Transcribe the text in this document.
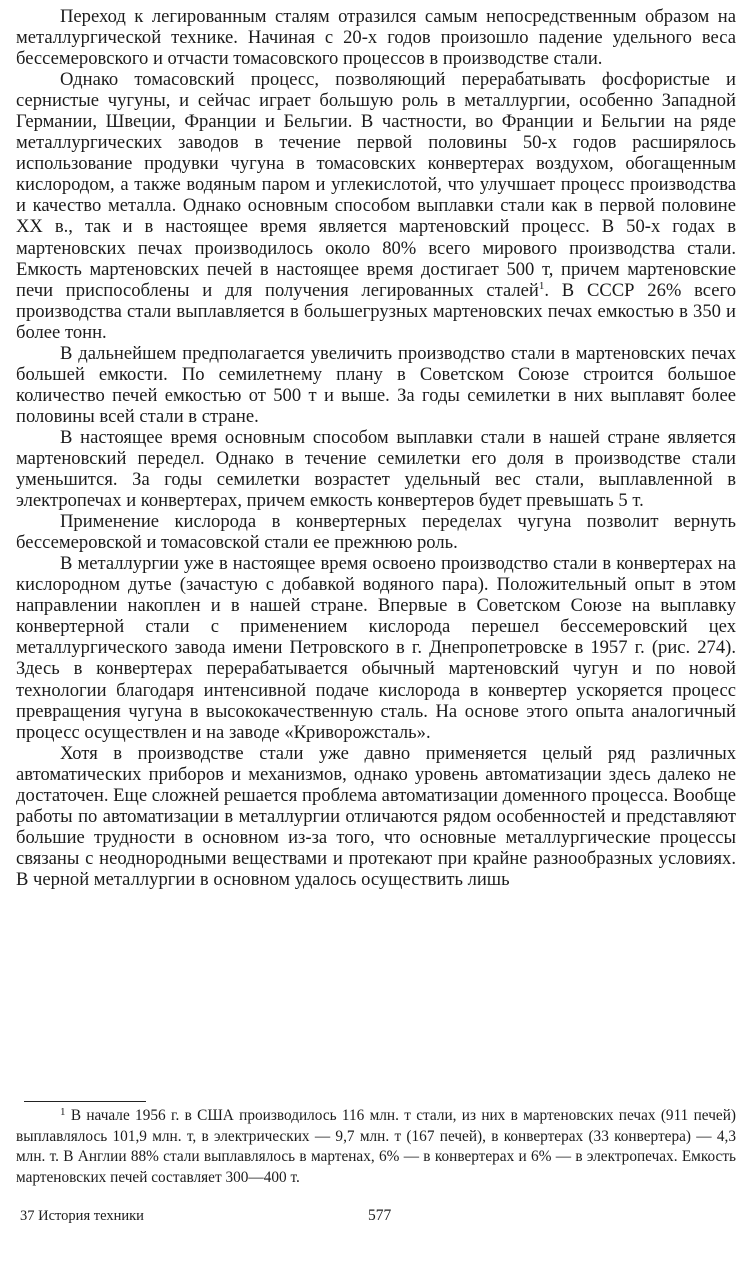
Переход к легированным сталям отразился самым непосредственным образом на металлургической технике. Начиная с 20-х годов произошло падение удельного веса бессемеровского и отчасти томасовского процессов в производстве стали.

Однако томасовский процесс, позволяющий перерабатывать фосфористые и сернистые чугуны, и сейчас играет большую роль в металлургии, особенно Западной Германии, Швеции, Франции и Бельгии. В частности, во Франции и Бельгии на ряде металлургических заводов в течение первой половины 50-х годов расширялось использование продувки чугуна в томасовских конвертерах воздухом, обогащенным кислородом, а также водяным паром и углекислотой, что улучшает процесс производства и качество металла. Однако основным способом выплавки стали как в первой половине XX в., так и в настоящее время является мартеновский процесс. В 50-х годах в мартеновских печах производилось около 80% всего мирового производства стали. Емкость мартеновских печей в настоящее время достигает 500 т, причем мартеновские печи приспособлены и для получения легированных сталей$^1$. В СССР 26% всего производства стали выплавляется в большегрузных мартеновских печах емкостью в 350 и более тонн.

В дальнейшем предполагается увеличить производство стали в мартеновских печах большей емкости. По семилетнему плану в Советском Союзе строится большое количество печей емкостью от 500 т и выше. За годы семилетки в них выплавят более половины всей стали в стране.

В настоящее время основным способом выплавки стали в нашей стране является мартеновский передел. Однако в течение семилетки его доля в производстве стали уменьшится. За годы семилетки возрастет удельный вес стали, выплавленной в электропечах и конвертерах, причем емкость конвертеров будет превышать 5 т.

Применение кислорода в конвертерных переделах чугуна позволит вернуть бессемеровской и томасовской стали ее прежнюю роль.

В металлургии уже в настоящее время освоено производство стали в конвертерах на кислородном дутье (зачастую с добавкой водяного пара). Положительный опыт в этом направлении накоплен и в нашей стране. Впервые в Советском Союзе на выплавку конвертерной стали с применением кислорода перешел бессемеровский цех металлургического завода имени Петровского в г. Днепропетровске в 1957 г. (рис. 274). Здесь в конвертерах перерабатывается обычный мартеновский чугун и по новой технологии благодаря интенсивной подаче кислорода в конвертер ускоряется процесс превращения чугуна в высококачественную сталь. На основе этого опыта аналогичный процесс осуществлен и на заводе «Криворожсталь».

Хотя в производстве стали уже давно применяется целый ряд различных автоматических приборов и механизмов, однако уровень автоматизации здесь далеко не достаточен. Еще сложней решается проблема автоматизации доменного процесса. Вообще работы по автоматизации в металлургии отличаются рядом особенностей и представляют большие трудности в основном из-за того, что основные металлургические процессы связаны с неоднородными веществами и протекают при крайне разнообразных условиях. В черной металлургии в основном удалось осуществить лишь

$^1$ В начале 1956 г. в США производилось 116 млн. т стали, из них в мартеновских печах (911 печей) выплавлялось 101,9 млн. т, в электрических — 9,7 млн. т (167 печей), в конвертерах (33 конвертера) — 4,3 млн. т. В Англии 88% стали выплавлялось в мартенах, 6% — в конвертерах и 6% — в электропечах. Емкость мартеновских печей составляет 300—400 т.

37 История техники	577
